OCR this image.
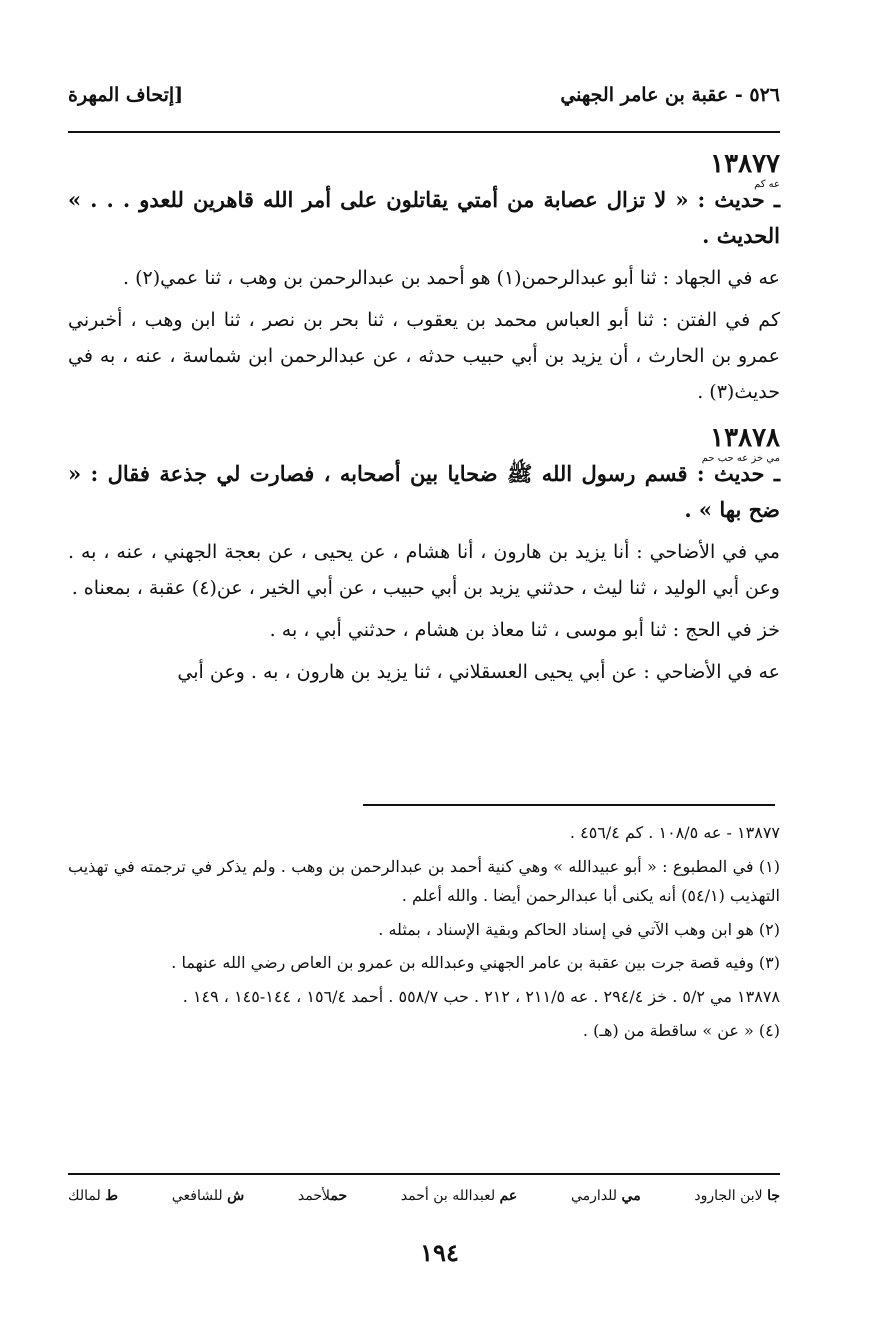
٥٢٦ - عقبة بن عامر الجهني
[إتحاف المهرة

١٣٨٧٧
عه كم
ـ حديث : « لا تزال عصابة من أمتي يقاتلون على أمر الله قاهرين للعدو . . . » الحديث .

عه في الجهاد : ثنا أبو عبدالرحمن(١) هو أحمد بن عبدالرحمن بن وهب ، ثنا عمي(٢) .

كم في الفتن : ثنا أبو العباس محمد بن يعقوب ، ثنا بحر بن نصر ، ثنا ابن وهب ، أخبرني عمرو بن الحارث ، أن يزيد بن أبي حبيب حدثه ، عن عبدالرحمن ابن شماسة ، عنه ، به في حديث(٣) .

١٣٨٧٨
مي خز عه حب حم
ـ حديث : قسم رسول الله ﷺ ضحايا بين أصحابه ، فصارت لي جذعة فقال : « ضح بها » .

مي في الأضاحي : أنا يزيد بن هارون ، أنا هشام ، عن يحيى ، عن بعجة الجهني ، عنه ، به . وعن أبي الوليد ، ثنا ليث ، حدثني يزيد بن أبي حبيب ، عن أبي الخير ، عن(٤) عقبة ، بمعناه .

خز في الحج : ثنا أبو موسى ، ثنا معاذ بن هشام ، حدثني أبي ، به .

عه في الأضاحي : عن أبي يحيى العسقلاني ، ثنا يزيد بن هارون ، به . وعن أبي

١٣٨٧٧ - عه ١٠٨/٥ . كم ٤٥٦/٤ .

(١) في المطبوع : « أبو عبيدالله » وهي كنية أحمد بن عبدالرحمن بن وهب . ولم يذكر في ترجمته في تهذيب التهذيب (٥٤/١) أنه يكنى أبا عبدالرحمن أيضا . والله أعلم .

(٢) هو ابن وهب الآتي في إسناد الحاكم وبقية الإسناد ، بمثله .

(٣) وفيه قصة جرت بين عقبة بن عامر الجهني وعبدالله بن عمرو بن العاص رضي الله عنهما .

١٣٨٧٨ مي ٥/٢ . خز ٢٩٤/٤ . عه ٢١١/٥ ، ٢١٢ . حب ٥٥٨/٧ . أحمد ١٥٦/٤ ، ١٤٤-١٤٥ ، ١٤٩ .

(٤) « عن » ساقطة من (هـ) .

ط لمالك	ش للشافعي	حملأحمد	عم لعبدالله بن أحمد	مي للدارمي	جا لابن الجارود
١٩٤
